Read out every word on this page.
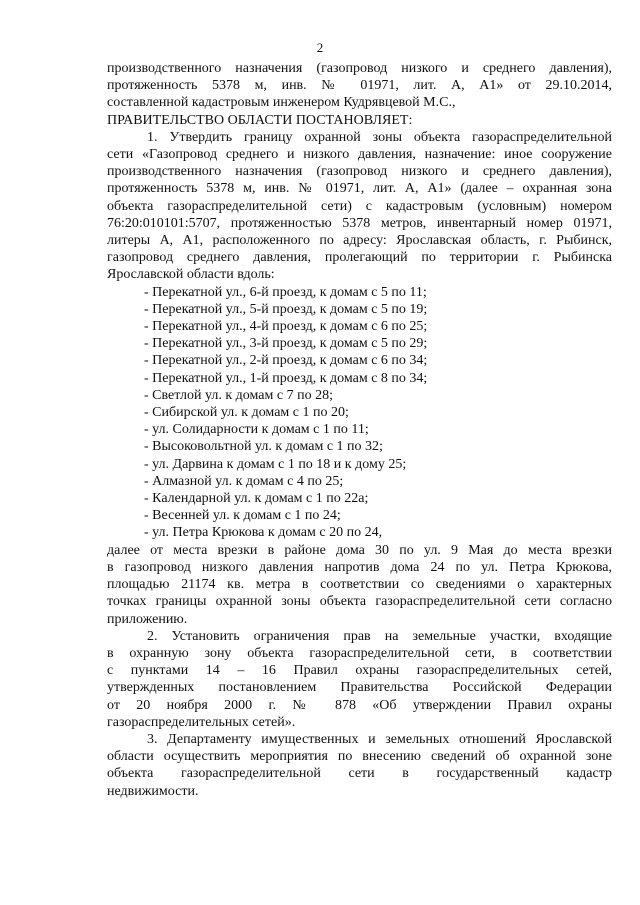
2
производственного назначения (газопровод низкого и среднего давления),
протяженность 5378 м, инв. № 01971, лит. А, А1» от 29.10.2014,
составленной кадастровым инженером Кудрявцевой М.С.,
ПРАВИТЕЛЬСТВО ОБЛАСТИ ПОСТАНОВЛЯЕТ:
1. Утвердить границу охранной зоны объекта газораспределительной
сети «Газопровод среднего и низкого давления, назначение: иное сооружение
производственного назначения (газопровод низкого и среднего давления),
протяженность 5378 м, инв. № 01971, лит. А, А1» (далее – охранная зона
объекта газораспределительной сети) с кадастровым (условным) номером
76:20:010101:5707, протяженностью 5378 метров, инвентарный номер 01971,
литеры А, А1, расположенного по адресу: Ярославская область, г. Рыбинск,
газопровод среднего давления, пролегающий по территории г. Рыбинска
Ярославской области вдоль:
- Перекатной ул., 6-й проезд, к домам с 5 по 11;
- Перекатной ул., 5-й проезд, к домам с 5 по 19;
- Перекатной ул., 4-й проезд, к домам с 6 по 25;
- Перекатной ул., 3-й проезд, к домам с 5 по 29;
- Перекатной ул., 2-й проезд, к домам с 6 по 34;
- Перекатной ул., 1-й проезд, к домам с 8 по 34;
- Светлой ул. к домам с 7 по 28;
- Сибирской ул. к домам с 1 по 20;
- ул. Солидарности к домам с 1 по 11;
- Высоковольтной ул. к домам с 1 по 32;
- ул. Дарвина к домам с 1 по 18 и к дому 25;
- Алмазной ул. к домам с 4 по 25;
- Календарной ул. к домам с 1 по 22а;
- Весенней ул. к домам с 1 по 24;
- ул. Петра Крюкова к домам с 20 по 24,
далее от места врезки в районе дома 30 по ул. 9 Мая до места врезки
в газопровод низкого давления напротив дома 24 по ул. Петра Крюкова,
площадью 21174 кв. метра в соответствии со сведениями о характерных
точках границы охранной зоны объекта газораспределительной сети согласно
приложению.
2. Установить ограничения прав на земельные участки, входящие
в охранную зону объекта газораспределительной сети, в соответствии
с пунктами 14 – 16 Правил охраны газораспределительных сетей,
утвержденных постановлением Правительства Российской Федерации
от 20 ноября 2000 г. № 878 «Об утверждении Правил охраны
газораспределительных сетей».
3. Департаменту имущественных и земельных отношений Ярославской
области осуществить мероприятия по внесению сведений об охранной зоне
объекта газораспределительной сети в государственный кадастр
недвижимости.
